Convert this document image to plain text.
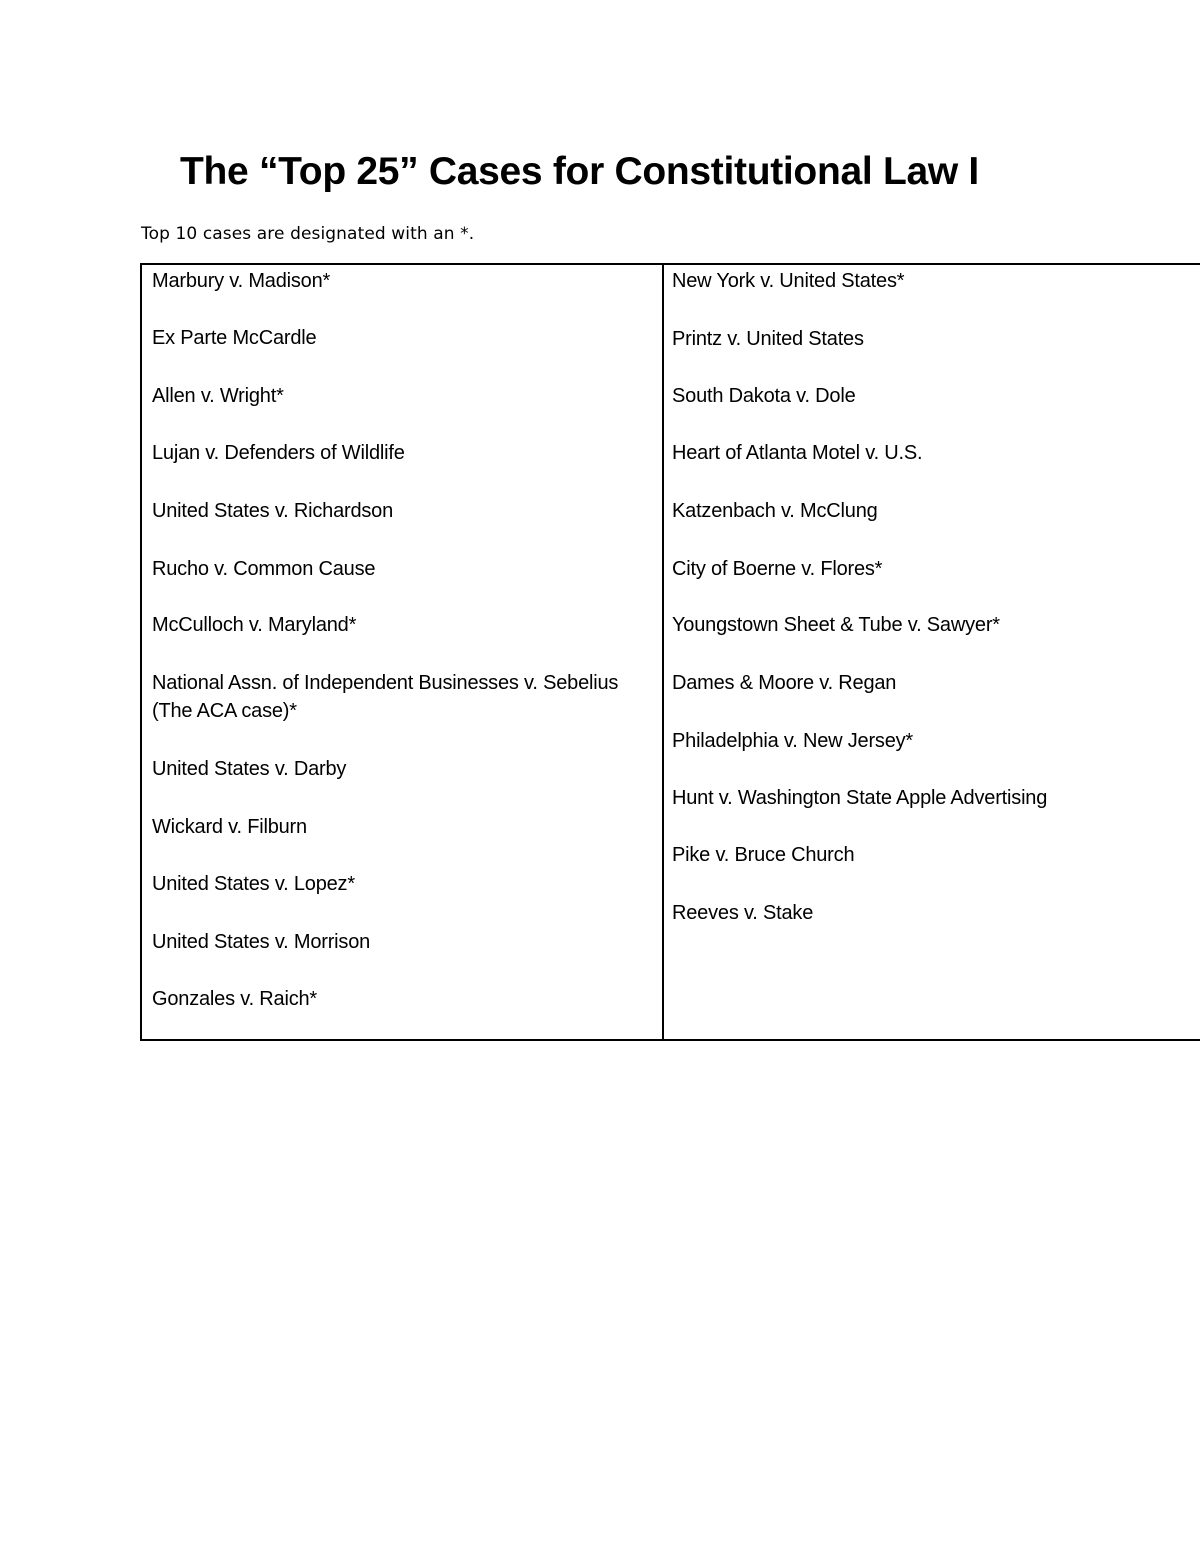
The “Top 25” Cases for Constitutional Law I

Top 10 cases are designated with an *.

Marbury v. Madison*
Ex Parte McCardle
Allen v. Wright*
Lujan v. Defenders of Wildlife
United States v. Richardson
Rucho v. Common Cause
McCulloch v. Maryland*
National Assn. of Independent Businesses v. Sebelius (The ACA case)*
United States v. Darby
Wickard v. Filburn
United States v. Lopez*
United States v. Morrison
Gonzales v. Raich*
New York v. United States*
Printz v. United States
South Dakota v. Dole
Heart of Atlanta Motel v. U.S.
Katzenbach v. McClung
City of Boerne v. Flores*
Youngstown Sheet & Tube v. Sawyer*
Dames & Moore v. Regan
Philadelphia v. New Jersey*
Hunt v. Washington State Apple Advertising
Pike v. Bruce Church
Reeves v. Stake
